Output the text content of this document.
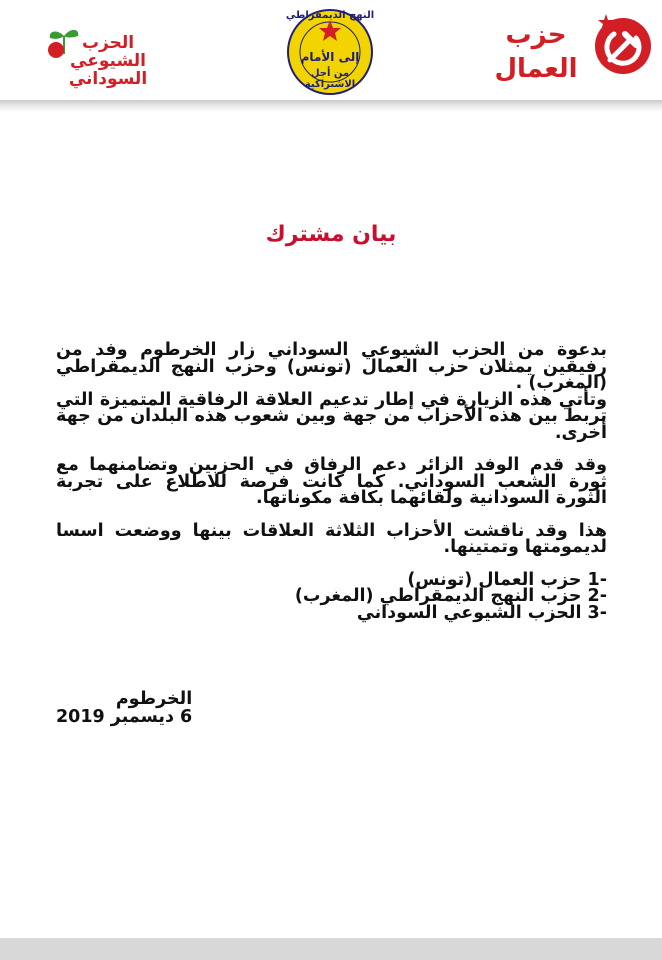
حزب
العمال
النهج الديمقراطي
إلى الأمام
من أجل الاشتراكية
الحزب
الشيوعي
السوداني
بيان مشترك

بدعوة من الحزب الشيوعي السوداني زار الخرطوم وفد من رفيقين يمثلان حزب العمال (تونس) وحزب النهج الديمقراطي (المغرب) .

وتأتي هذه الزيارة في إطار تدعيم العلاقة الرفاقية المتميزة التي تربط بين هذه الأحزاب من جهة وبين شعوب هذه البلدان من جهة أخرى.

وقد قدم الوفد الزائر دعم الرفاق في الحزبين وتضامنهما مع ثورة الشعب السوداني. كما كانت فرصة للاطلاع على تجربة الثورة السودانية ولقائهما بكافة مكوناتها.

هذا وقد ناقشت الأحزاب الثلاثة العلاقات بينها ووضعت اسسا لديمومتها وتمتينها.

-1 حزب العمال (تونس)
-2 حزب النهج الديمقراطي (المغرب)
-3 الحزب الشيوعي السوداني
الخرطوم
6 ديسمبر 2019
